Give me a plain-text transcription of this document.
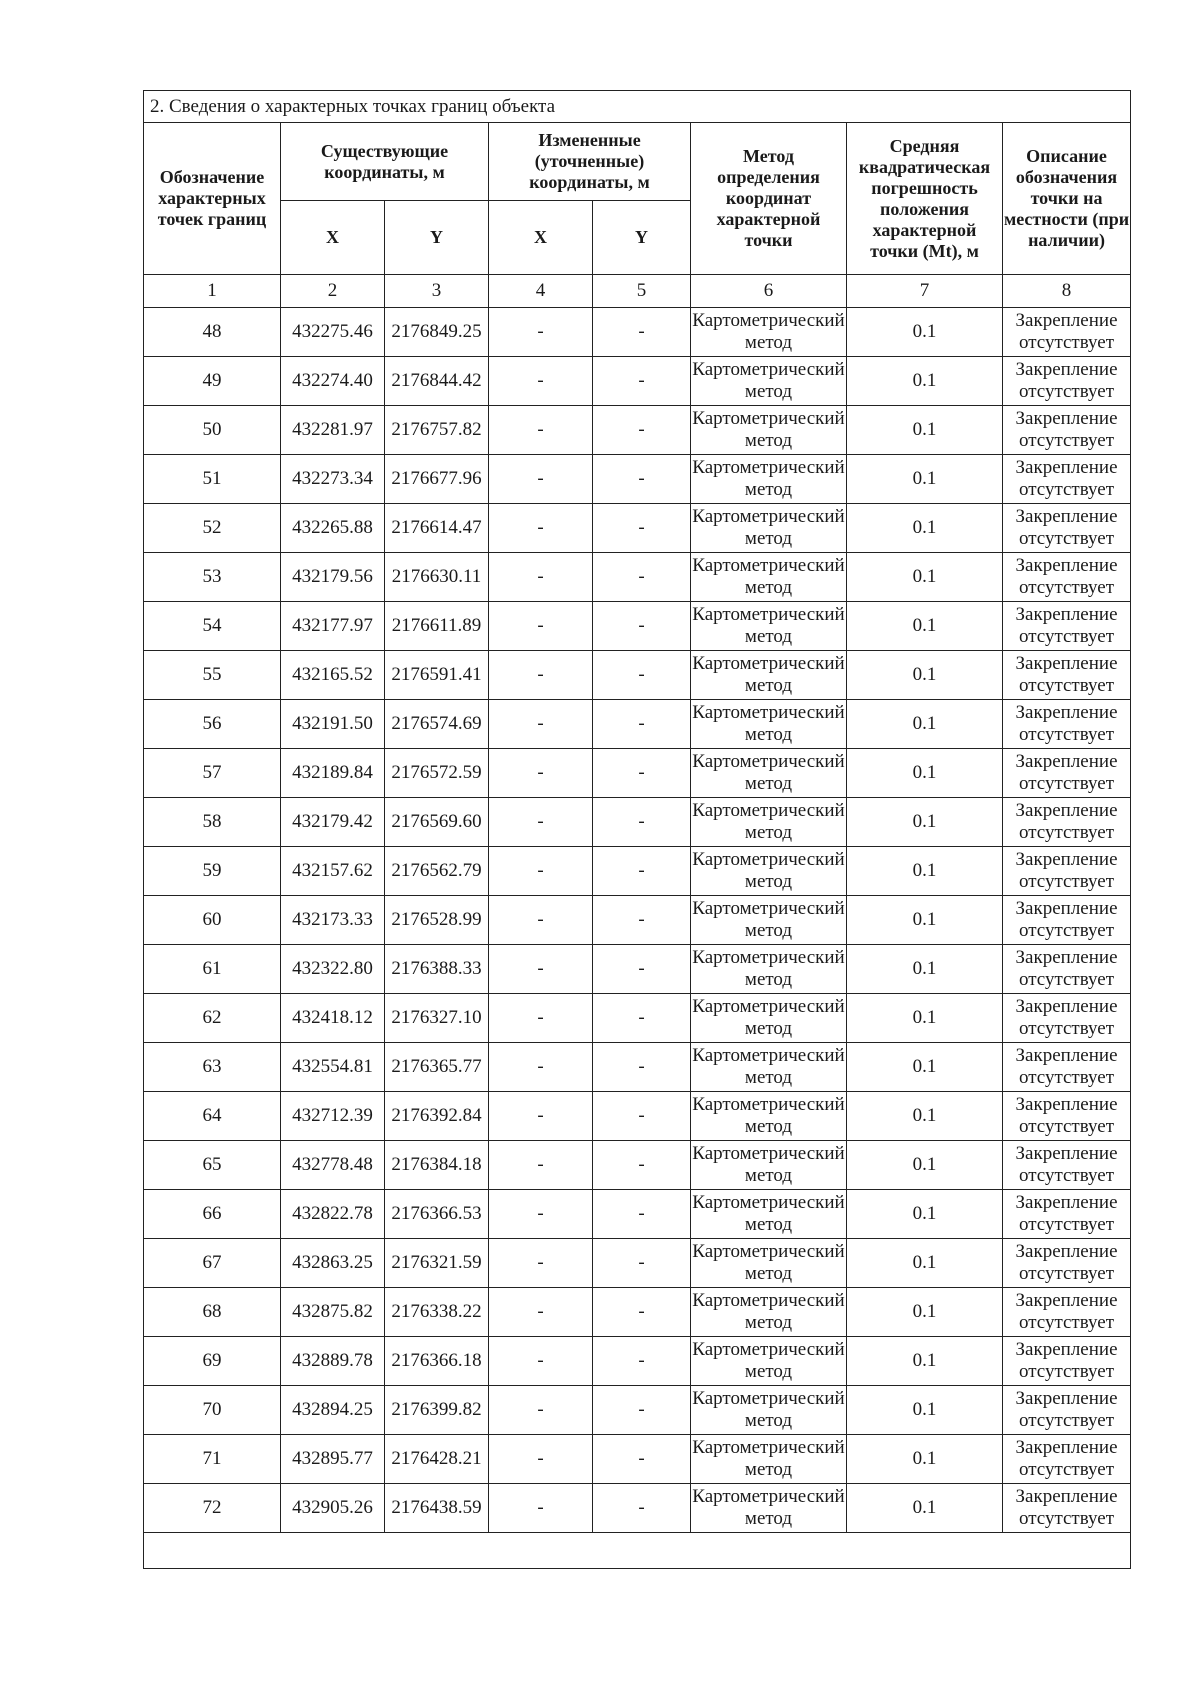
2. Сведения о характерных точках границ объекта							
Обозначение характерных точек границ	Существующие координаты, м		Измененные (уточненные) координаты, м		Метод определения координат характерной точки	Средняя квадратическая погрешность положения характерной точки (Mt), м	Описание обозначения точки на местности (при наличии)
	X	Y	X	Y			
1	2	3	4	5	6	7	8
48	432275.46	2176849.25	-	-	Картометрический метод	0.1	Закрепление отсутствует
49	432274.40	2176844.42	-	-	Картометрический метод	0.1	Закрепление отсутствует
50	432281.97	2176757.82	-	-	Картометрический метод	0.1	Закрепление отсутствует
51	432273.34	2176677.96	-	-	Картометрический метод	0.1	Закрепление отсутствует
52	432265.88	2176614.47	-	-	Картометрический метод	0.1	Закрепление отсутствует
53	432179.56	2176630.11	-	-	Картометрический метод	0.1	Закрепление отсутствует
54	432177.97	2176611.89	-	-	Картометрический метод	0.1	Закрепление отсутствует
55	432165.52	2176591.41	-	-	Картометрический метод	0.1	Закрепление отсутствует
56	432191.50	2176574.69	-	-	Картометрический метод	0.1	Закрепление отсутствует
57	432189.84	2176572.59	-	-	Картометрический метод	0.1	Закрепление отсутствует
58	432179.42	2176569.60	-	-	Картометрический метод	0.1	Закрепление отсутствует
59	432157.62	2176562.79	-	-	Картометрический метод	0.1	Закрепление отсутствует
60	432173.33	2176528.99	-	-	Картометрический метод	0.1	Закрепление отсутствует
61	432322.80	2176388.33	-	-	Картометрический метод	0.1	Закрепление отсутствует
62	432418.12	2176327.10	-	-	Картометрический метод	0.1	Закрепление отсутствует
63	432554.81	2176365.77	-	-	Картометрический метод	0.1	Закрепление отсутствует
64	432712.39	2176392.84	-	-	Картометрический метод	0.1	Закрепление отсутствует
65	432778.48	2176384.18	-	-	Картометрический метод	0.1	Закрепление отсутствует
66	432822.78	2176366.53	-	-	Картометрический метод	0.1	Закрепление отсутствует
67	432863.25	2176321.59	-	-	Картометрический метод	0.1	Закрепление отсутствует
68	432875.82	2176338.22	-	-	Картометрический метод	0.1	Закрепление отсутствует
69	432889.78	2176366.18	-	-	Картометрический метод	0.1	Закрепление отсутствует
70	432894.25	2176399.82	-	-	Картометрический метод	0.1	Закрепление отсутствует
71	432895.77	2176428.21	-	-	Картометрический метод	0.1	Закрепление отсутствует
72	432905.26	2176438.59	-	-	Картометрический метод	0.1	Закрепление отсутствует
